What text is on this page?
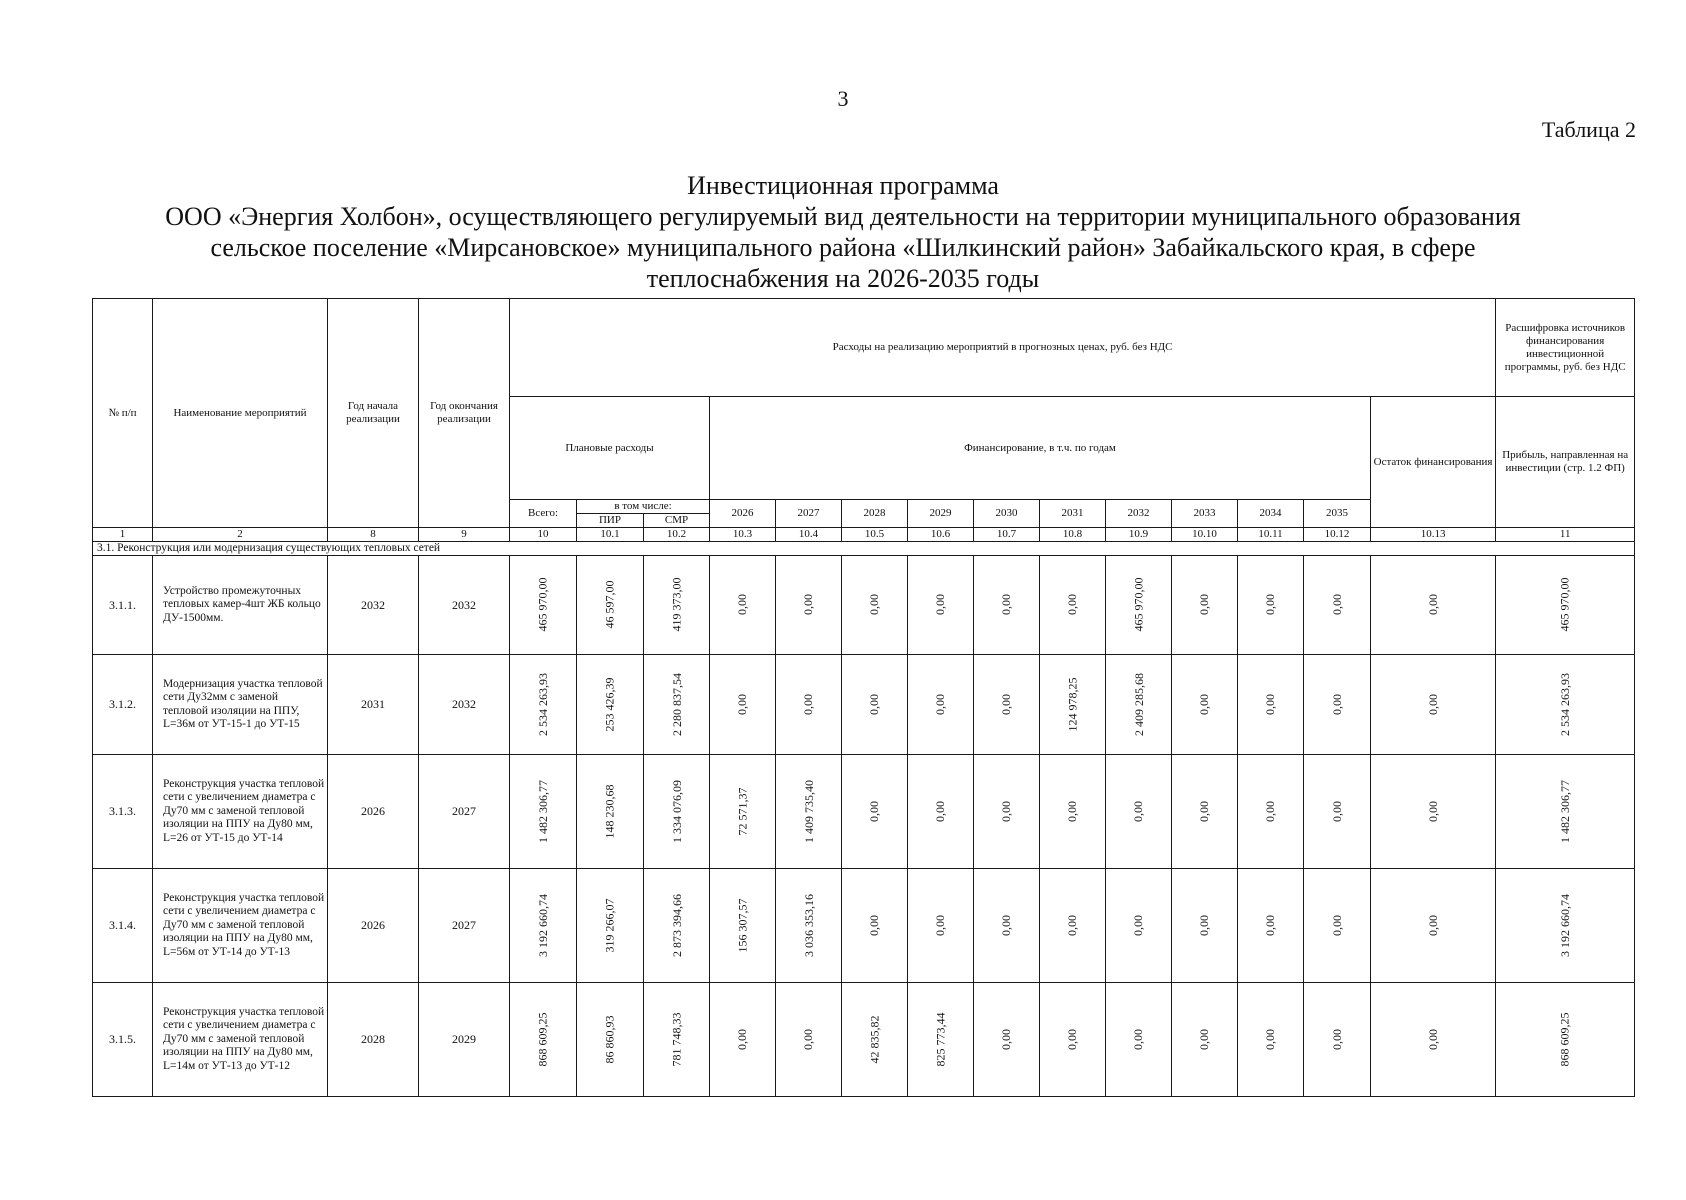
3
Таблица 2
Инвестиционная программа
ООО «Энергия Холбон», осуществляющего регулируемый вид деятельности на территории муниципального образования
сельское поселение «Мирсановское» муниципального района «Шилкинский район» Забайкальского края, в сфере
теплоснабжения на 2026-2035 годы
№ п/п	Наименование мероприятий	Год начала реализации	Год окончания реализации	Расходы на реализацию мероприятий в прогнозных ценах, руб. без НДС														Расшифровка источников финансирования инвестиционной программы, руб. без НДС
				Плановые расходы			Финансирование, в т.ч. по годам										Остаток финансирования	Прибыль, направленная на инвестиции (стр. 1.2 ФП)
				Всего:	в том числе:		2026	2027	2028	2029	2030	2031	2032	2033	2034	2035		
					ПИР	СМР												
1	2	8	9	10	10.1	10.2	10.3	10.4	10.5	10.6	10.7	10.8	10.9	10.10	10.11	10.12	10.13	11
3.1. Реконструкция или модернизация существующих тепловых сетей																		
3.1.1.	Устройство промежуточных тепловых камер-4шт ЖБ кольцо ДУ-1500мм.	2032	2032	465 970,00	46 597,00	419 373,00	0,00	0,00	0,00	0,00	0,00	0,00	465 970,00	0,00	0,00	0,00	0,00	465 970,00
3.1.2.	Модернизация участка тепловой сети Ду32мм с заменой тепловой изоляции на ППУ, L=36м от УТ-15-1 до УТ-15	2031	2032	2 534 263,93	253 426,39	2 280 837,54	0,00	0,00	0,00	0,00	0,00	124 978,25	2 409 285,68	0,00	0,00	0,00	0,00	2 534 263,93
3.1.3.	Реконструкция участка тепловой сети с увеличением диаметра с Ду70 мм с заменой тепловой изоляции на ППУ на Ду80 мм, L=26 от УТ-15 до УТ-14	2026	2027	1 482 306,77	148 230,68	1 334 076,09	72 571,37	1 409 735,40	0,00	0,00	0,00	0,00	0,00	0,00	0,00	0,00	0,00	1 482 306,77
3.1.4.	Реконструкция участка тепловой сети с увеличением диаметра с Ду70 мм с заменой тепловой изоляции на ППУ на Ду80 мм, L=56м от УТ-14 до УТ-13	2026	2027	3 192 660,74	319 266,07	2 873 394,66	156 307,57	3 036 353,16	0,00	0,00	0,00	0,00	0,00	0,00	0,00	0,00	0,00	3 192 660,74
3.1.5.	Реконструкция участка тепловой сети с увеличением диаметра с Ду70 мм с заменой тепловой изоляции на ППУ на Ду80 мм, L=14м от УТ-13 до УТ-12	2028	2029	868 609,25	86 860,93	781 748,33	0,00	0,00	42 835,82	825 773,44	0,00	0,00	0,00	0,00	0,00	0,00	0,00	868 609,25
